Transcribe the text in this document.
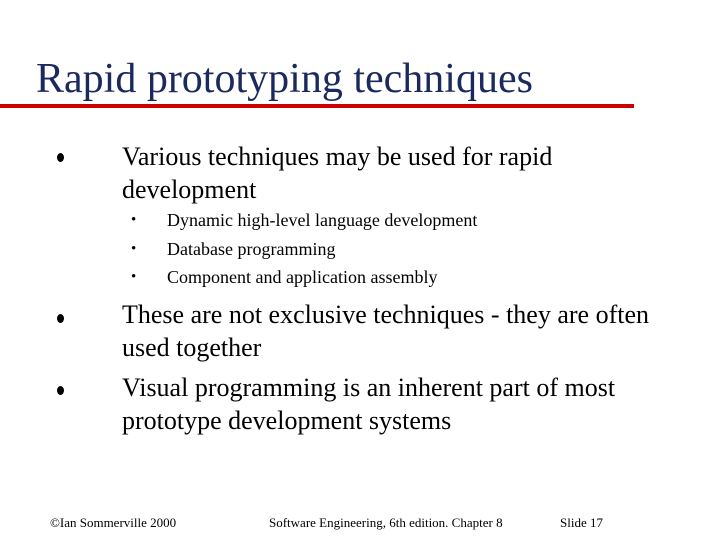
Rapid prototyping techniques
Various techniques may be used for rapid development
• Dynamic high-level language development
• Database programming
• Component and application assembly
These are not exclusive techniques - they are often used together
Visual programming is an inherent part of most prototype development systems
©Ian Sommerville 2000	Software Engineering, 6th edition. Chapter 8	Slide 17
